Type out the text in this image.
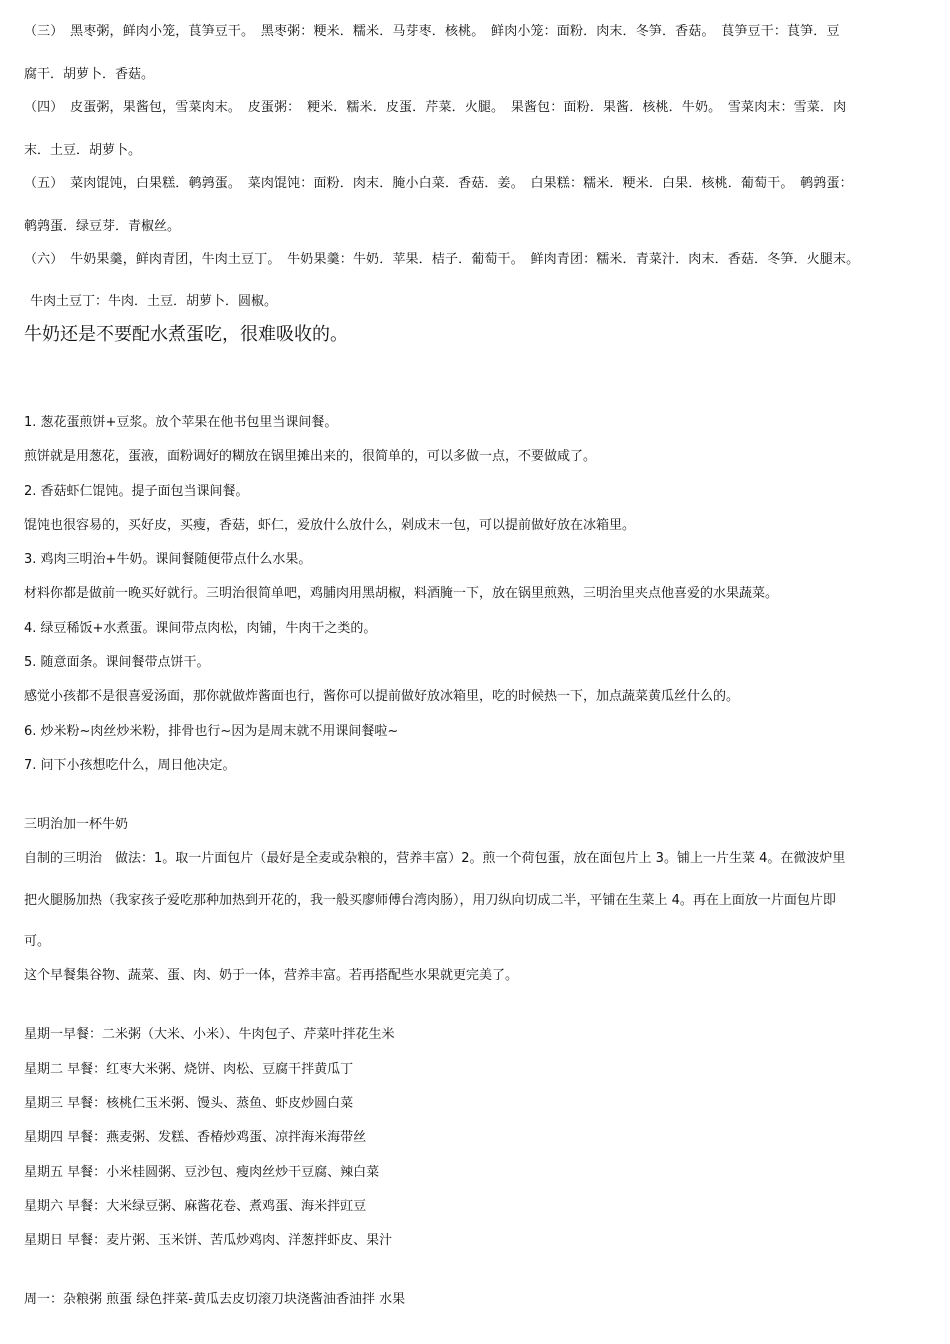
（三）　黑枣粥，鲜肉小笼，茛笋豆干。　黑枣粥：粳米．糯米．马芽枣．核桃。　鲜肉小笼：面粉．肉末．冬笋．香菇。　茛笋豆干：茛笋．豆
腐干．胡萝卜．香菇。
（四）　皮蛋粥，果酱包，雪菜肉末。　皮蛋粥：　粳米．糯米．皮蛋．芹菜．火腿。　果酱包：面粉．果酱．核桃．牛奶。　雪菜肉末：雪菜．肉
末．土豆．胡萝卜。
（五）　菜肉馄饨，白果糕．鹌鹑蛋。　菜肉馄饨：面粉．肉末．腌小白菜．香菇．姜。　白果糕：糯米．粳米．白果．核桃．葡萄干。　鹌鹑蛋：
鹌鹑蛋．绿豆芽．青椒丝。
（六）　牛奶果羹，鲜肉青团，牛肉土豆丁。　牛奶果羹：牛奶．苹果．桔子．葡萄干。　鲜肉青团：糯米．青菜汁．肉末．香菇．冬笋．火腿末。
牛肉土豆丁：牛肉．土豆．胡萝卜．圆椒。
牛奶还是不要配水煮蛋吃，很难吸收的。
1. 葱花蛋煎饼+豆浆。放个苹果在他书包里当课间餐。
煎饼就是用葱花，蛋液，面粉调好的糊放在锅里摊出来的，很简单的，可以多做一点，不要做咸了。
2. 香菇虾仁馄饨。提子面包当课间餐。
馄饨也很容易的，买好皮，买瘦，香菇，虾仁，爱放什么放什么，剁成末一包，可以提前做好放在冰箱里。
3. 鸡肉三明治+牛奶。课间餐随便带点什么水果。
材料你都是做前一晚买好就行。三明治很简单吧，鸡脯肉用黑胡椒，料酒腌一下，放在锅里煎熟，三明治里夹点他喜爱的水果蔬菜。
4. 绿豆稀饭+水煮蛋。课间带点肉松，肉铺，牛肉干之类的。
5. 随意面条。课间餐带点饼干。
感觉小孩都不是很喜爱汤面，那你就做炸酱面也行，酱你可以提前做好放冰箱里，吃的时候热一下，加点蔬菜黄瓜丝什么的。
6. 炒米粉~肉丝炒米粉，排骨也行~因为是周末就不用课间餐啦~
7. 问下小孩想吃什么，周日他决定。
三明治加一杯牛奶
自制的三明治　做法：1。取一片面包片（最好是全麦或杂粮的，营养丰富）2。煎一个荷包蛋，放在面包片上 3。铺上一片生菜 4。在微波炉里
把火腿肠加热（我家孩子爱吃那种加热到开花的，我一般买廖师傅台湾肉肠），用刀纵向切成二半，平铺在生菜上 4。再在上面放一片面包片即
可。
这个早餐集谷物、蔬菜、蛋、肉、奶于一体，营养丰富。若再搭配些水果就更完美了。
星期一早餐：二米粥（大米、小米）、牛肉包子、芹菜叶拌花生米
星期二 早餐：红枣大米粥、烧饼、肉松、豆腐干拌黄瓜丁
星期三 早餐：核桃仁玉米粥、馒头、蒸鱼、虾皮炒圆白菜
星期四 早餐：燕麦粥、发糕、香椿炒鸡蛋、凉拌海米海带丝
星期五 早餐：小米桂圆粥、豆沙包、瘦肉丝炒干豆腐、辣白菜
星期六 早餐：大米绿豆粥、麻酱花卷、煮鸡蛋、海米拌豇豆
星期日 早餐：麦片粥、玉米饼、苦瓜炒鸡肉、洋葱拌虾皮、果汁
周一：杂粮粥 煎蛋 绿色拌菜-黄瓜去皮切滚刀块浇酱油香油拌 水果
